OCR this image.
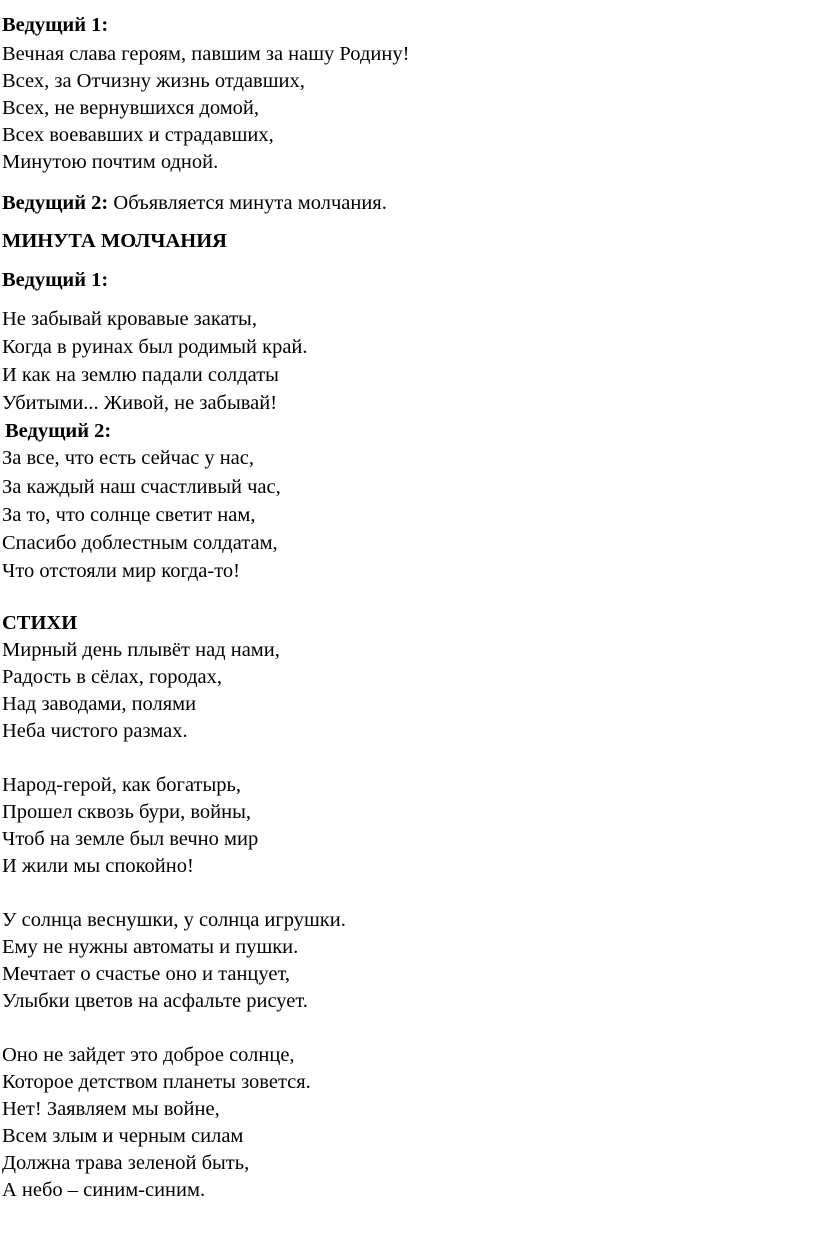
Ведущий 1:
Вечная слава героям, павшим за нашу Родину!
Всех, за Отчизну жизнь отдавших,
Всех, не вернувшихся домой,
Всех воевавших и страдавших,
Минутою почтим одной.
Ведущий 2: Объявляется минута молчания.
МИНУТА МОЛЧАНИЯ
Ведущий 1:
Не забывай кровавые закаты,
Когда в руинах был родимый край.
И как на землю падали солдаты
Убитыми... Живой, не забывай!
Ведущий 2:
За все, что есть сейчас у нас,
За каждый наш счастливый час,
За то, что солнце светит нам,
Спасибо доблестным солдатам,
Что отстояли мир когда-то!
СТИХИ
Мирный день плывёт над нами,
Радость в сёлах, городах,
Над заводами, полями
Неба чистого размах.
Народ-герой, как богатырь,
Прошел сквозь бури, войны,
Чтоб на земле был вечно мир
И жили мы спокойно!
У солнца веснушки, у солнца игрушки.
Ему не нужны автоматы и пушки.
Мечтает о счастье оно и танцует,
Улыбки цветов на асфальте рисует.
Оно не зайдет это доброе солнце,
Которое детством планеты зовется.
Нет! Заявляем мы войне,
Всем злым и черным силам
Должна трава зеленой быть,
А небо – синим-синим.
